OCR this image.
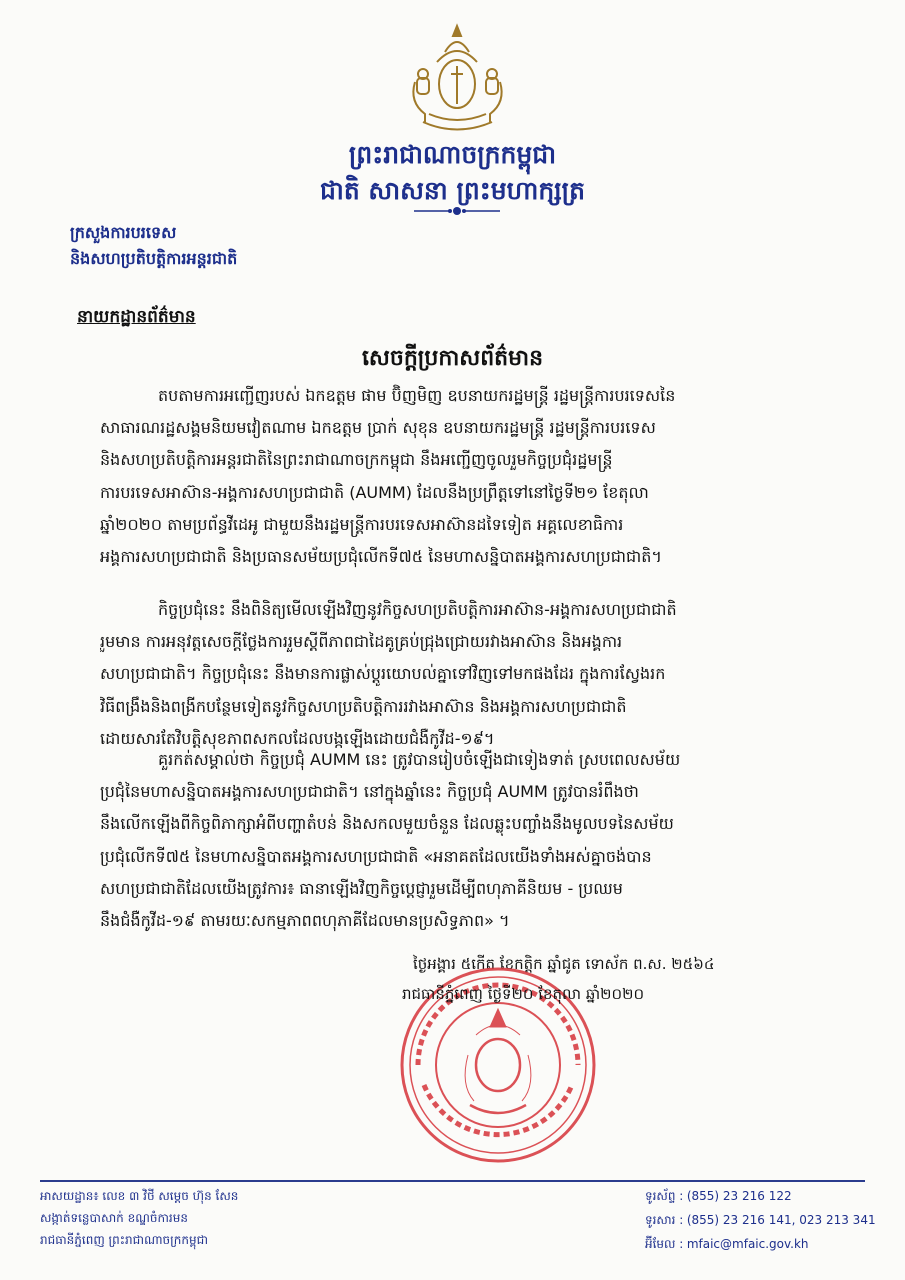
ព្រះរាជាណាចក្រកម្ពុជា
ជាតិ សាសនា ព្រះមហាក្សត្រ
ក្រសួងការបរទេស
និងសហប្រតិបត្តិការអន្តរជាតិ
នាយកដ្ឋានព័ត៌មាន
សេចក្តីប្រកាសព័ត៌មាន
តបតាមការអញ្ជើញរបស់ ឯកឧត្តម ផាម ប៊ិញមិញ ឧបនាយករដ្ឋមន្ត្រី រដ្ឋមន្ត្រីការបរទេសនៃ
សាធារណរដ្ឋសង្គមនិយមវៀតណាម ឯកឧត្តម ប្រាក់ សុខុន ឧបនាយករដ្ឋមន្ត្រី រដ្ឋមន្ត្រីការបរទេស
និងសហប្រតិបត្តិការអន្តរជាតិនៃព្រះរាជាណាចក្រកម្ពុជា នឹងអញ្ជើញចូលរួមកិច្ចប្រជុំរដ្ឋមន្ត្រី
ការបរទេសអាស៊ាន-អង្គការសហប្រជាជាតិ (AUMM) ដែលនឹងប្រព្រឹត្តទៅនៅថ្ងៃទី២១ ខែតុលា
ឆ្នាំ២០២០ តាមប្រព័ន្ធវីដេអូ ជាមួយនឹងរដ្ឋមន្ត្រីការបរទេសអាស៊ានដទៃទៀត អគ្គលេខាធិការ
អង្គការសហប្រជាជាតិ និងប្រធានសម័យប្រជុំលើកទី៧៥ នៃមហាសន្និបាតអង្គការសហប្រជាជាតិ។
កិច្ចប្រជុំនេះ នឹងពិនិត្យមើលឡើងវិញនូវកិច្ចសហប្រតិបត្តិការអាស៊ាន-អង្គការសហប្រជាជាតិ
រួមមាន ការអនុវត្តសេចក្តីថ្លែងការរួមស្តីពីភាពជាដៃគូគ្រប់ជ្រុងជ្រោយរវាងអាស៊ាន និងអង្គការ
សហប្រជាជាតិ។ កិច្ចប្រជុំនេះ នឹងមានការផ្លាស់ប្តូរយោបល់គ្នាទៅវិញទៅមកផងដែរ ក្នុងការស្វែងរក
វិធីពង្រឹងនិងពង្រីកបន្ថែមទៀតនូវកិច្ចសហប្រតិបត្តិការរវាងអាស៊ាន និងអង្គការសហប្រជាជាតិ
ដោយសារតែវិបត្តិសុខភាពសកលដែលបង្កឡើងដោយជំងឺកូវីដ-១៩។
គួរកត់សម្គាល់ថា កិច្ចប្រជុំ AUMM នេះ ត្រូវបានរៀបចំឡើងជាទៀងទាត់ ស្របពេលសម័យ
ប្រជុំនៃមហាសន្និបាតអង្គការសហប្រជាជាតិ។ នៅក្នុងឆ្នាំនេះ កិច្ចប្រជុំ AUMM ត្រូវបានរំពឹងថា
នឹងលើកឡើងពីកិច្ចពិភាក្សាអំពីបញ្ហាតំបន់ និងសកលមួយចំនួន ដែលឆ្លុះបញ្ចាំងនឹងមូលបទនៃសម័យ
ប្រជុំលើកទី៧៥ នៃមហាសន្និបាតអង្គការសហប្រជាជាតិ «អនាគតដែលយើងទាំងអស់គ្នាចង់បាន
សហប្រជាជាតិដែលយើងត្រូវការ៖ ធានាឡើងវិញកិច្ចប្តេជ្ញារួមដើម្បីពហុភាគីនិយម - ប្រឈម
នឹងជំងឺកូវីដ-១៩ តាមរយៈសកម្មភាពពហុភាគីដែលមានប្រសិទ្ធភាព» ។
ថ្ងៃអង្គារ ៥កើត ខែកត្តិក ឆ្នាំជូត ទោស័ក ព.ស. ២៥៦៤
រាជធានីភ្នំពេញ ថ្ងៃទី២០ ខែតុលា ឆ្នាំ២០២០
អាសយដ្ឋាន៖ លេខ ៣ វិថី សម្តេច ហ៊ុន សែន
សង្កាត់ទន្លេបាសាក់ ខណ្ឌចំការមន
រាជធានីភ្នំពេញ ព្រះរាជាណាចក្រកម្ពុជា
ទូរស័ព្ទ : (855) 23 216 122
ទូរសារ : (855) 23 216 141, 023 213 341
អ៊ីមែល : mfaic@mfaic.gov.kh
